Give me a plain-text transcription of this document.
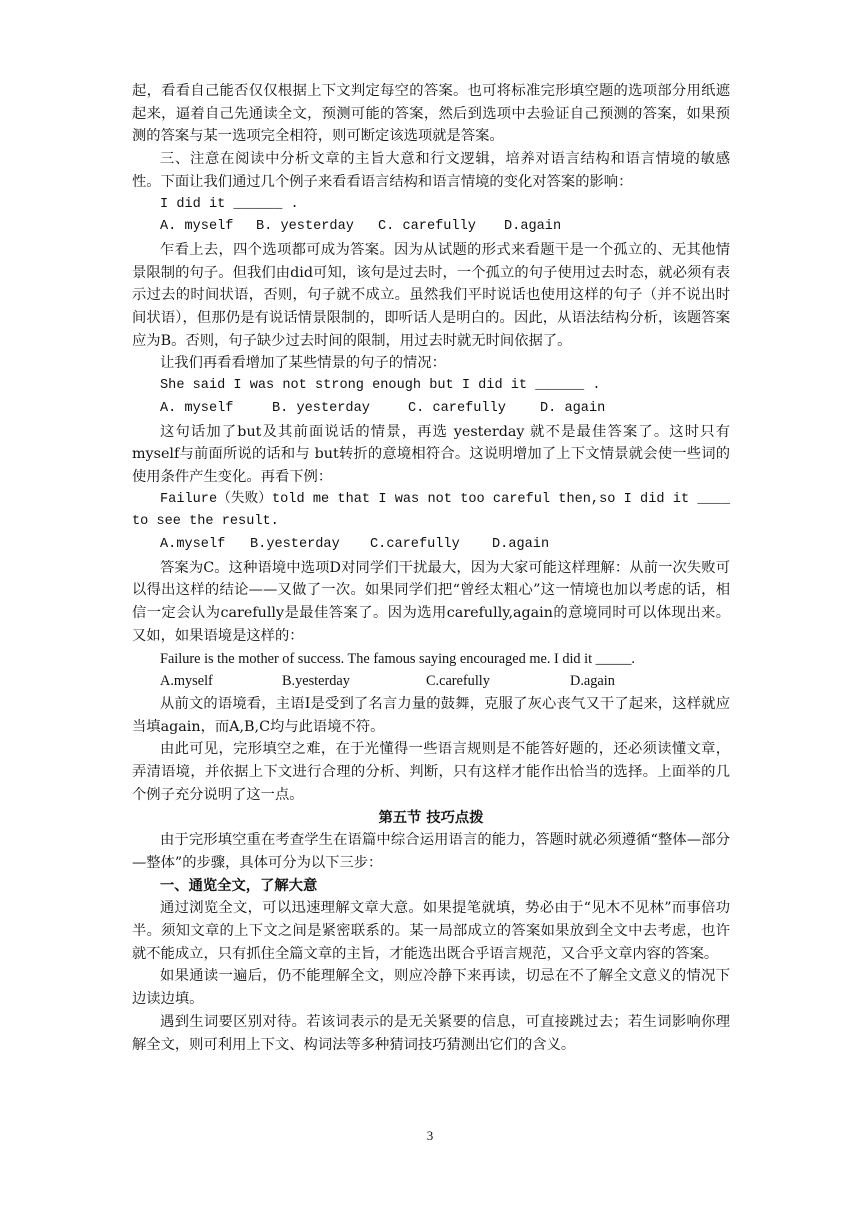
起，看看自己能否仅仅根据上下文判定每空的答案。也可将标准完形填空题的选项部分用纸遮起来，逼着自己先通读全文，预测可能的答案，然后到选项中去验证自己预测的答案，如果预测的答案与某一选项完全相符，则可断定该选项就是答案。

三、注意在阅读中分析文章的主旨大意和行文逻辑，培养对语言结构和语言情境的敏感性。下面让我们通过几个例子来看看语言结构和语言情境的变化对答案的影响：

I did it ______ .

A. myself	B. yesterday	C. carefully	D.again

乍看上去，四个选项都可成为答案。因为从试题的形式来看题干是一个孤立的、无其他情景限制的句子。但我们由did可知，该句是过去时，一个孤立的句子使用过去时态，就必须有表示过去的时间状语，否则，句子就不成立。虽然我们平时说话也使用这样的句子（并不说出时间状语），但那仍是有说话情景限制的，即听话人是明白的。因此，从语法结构分析，该题答案应为B。否则，句子缺少过去时间的限制，用过去时就无时间依据了。

让我们再看看增加了某些情景的句子的情况：

She said I was not strong enough but I did it ______ .

A. myself	B. yesterday	C. carefully	D. again

这句话加了but及其前面说话的情景，再选 yesterday 就不是最佳答案了。这时只有myself与前面所说的话和与 but转折的意境相符合。这说明增加了上下文情景就会使一些词的使用条件产生变化。再看下例：

Failure（失败）told me that I was not too careful then,so I did it ____ to see the result.

A.myself	B.yesterday	C.carefully	D.again

答案为C。这种语境中选项D对同学们干扰最大，因为大家可能这样理解：从前一次失败可以得出这样的结论——又做了一次。如果同学们把“曾经太粗心”这一情境也加以考虑的话，相信一定会认为carefully是最佳答案了。因为选用carefully,again的意境同时可以体现出来。又如，如果语境是这样的：

Failure is the mother of success. The famous saying encouraged me. I did it _____.

A.myself	B.yesterday	C.carefully	D.again

从前文的语境看，主语I是受到了名言力量的鼓舞，克服了灰心丧气又干了起来，这样就应当填again，而A,B,C均与此语境不符。

由此可见，完形填空之难，在于光懂得一些语言规则是不能答好题的，还必须读懂文章，弄清语境，并依据上下文进行合理的分析、判断，只有这样才能作出恰当的选择。上面举的几个例子充分说明了这一点。

第五节 技巧点拨

由于完形填空重在考查学生在语篇中综合运用语言的能力，答题时就必须遵循“整体—部分—整体”的步骤，具体可分为以下三步：

一、通览全文，了解大意

通过浏览全文，可以迅速理解文章大意。如果提笔就填，势必由于“见木不见林”而事倍功半。须知文章的上下文之间是紧密联系的。某一局部成立的答案如果放到全文中去考虑，也许就不能成立，只有抓住全篇文章的主旨，才能选出既合乎语言规范，又合乎文章内容的答案。

如果通读一遍后，仍不能理解全文，则应冷静下来再读，切忌在不了解全文意义的情况下边读边填。

遇到生词要区别对待。若该词表示的是无关紧要的信息，可直接跳过去；若生词影响你理解全文，则可利用上下文、构词法等多种猜词技巧猜测出它们的含义。

3
